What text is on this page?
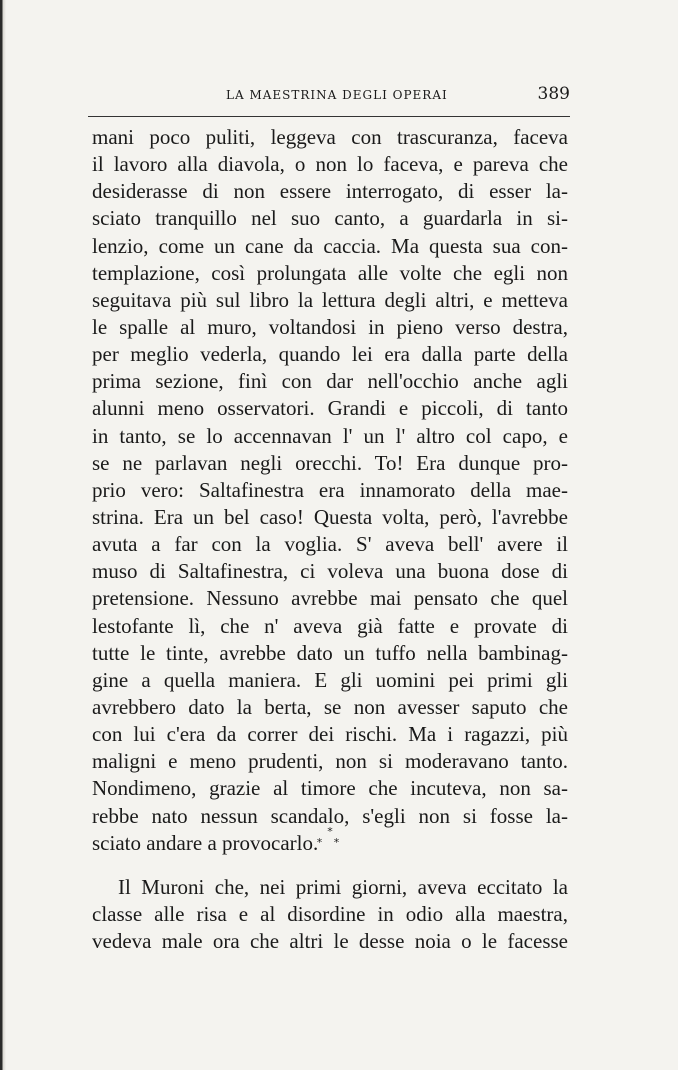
LA MAESTRINA DEGLI OPERAI	389
mani poco puliti, leggeva con trascuranza, faceva
il lavoro alla diavola, o non lo faceva, e pareva che
desiderasse di non essere interrogato, di esser la-
sciato tranquillo nel suo canto, a guardarla in si-
lenzio, come un cane da caccia. Ma questa sua con-
templazione, così prolungata alle volte che egli non
seguitava più sul libro la lettura degli altri, e metteva
le spalle al muro, voltandosi in pieno verso destra,
per meglio vederla, quando lei era dalla parte della
prima sezione, finì con dar nell'occhio anche agli
alunni meno osservatori. Grandi e piccoli, di tanto
in tanto, se lo accennavan l' un l' altro col capo, e
se ne parlavan negli orecchi. To! Era dunque pro-
prio vero: Saltafinestra era innamorato della mae-
strina. Era un bel caso! Questa volta, però, l'avrebbe
avuta a far con la voglia. S' aveva bell' avere il
muso di Saltafinestra, ci voleva una buona dose di
pretensione. Nessuno avrebbe mai pensato che quel
lestofante lì, che n' aveva già fatte e provate di
tutte le tinte, avrebbe dato un tuffo nella bambinag-
gine a quella maniera. E gli uomini pei primi gli
avrebbero dato la berta, se non avesser saputo che
con lui c'era da correr dei rischi. Ma i ragazzi, più
maligni e meno prudenti, non si moderavano tanto.
Nondimeno, grazie al timore che incuteva, non sa-
rebbe nato nessun scandalo, s'egli non si fosse la-
sciato andare a provocarlo. *
* *
Il Muroni che, nei primi giorni, aveva eccitato la
classe alle risa e al disordine in odio alla maestra,
vedeva male ora che altri le desse noia o le facesse
